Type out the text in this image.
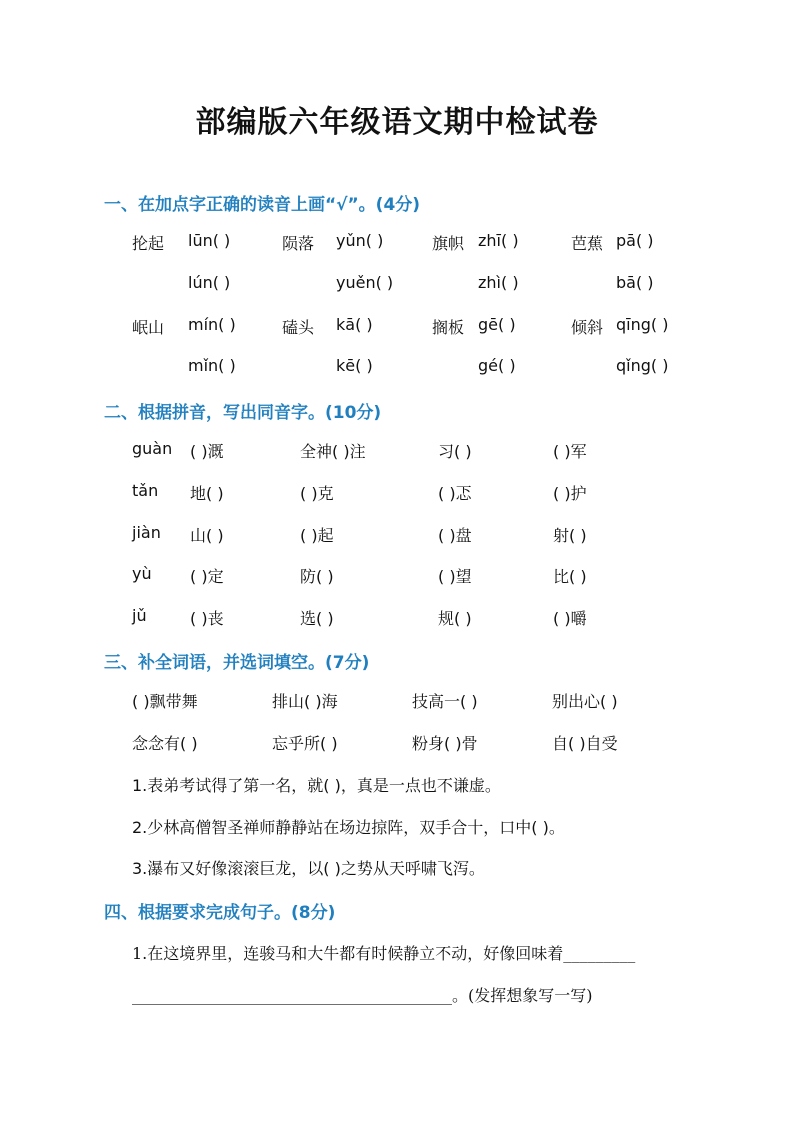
部编版六年级语文期中检试卷
一、在加点字正确的读音上画“√”。(4分)
抡起 lūn( )	陨落 yǔn( )	旗帜 zhī( )	芭蕉 pā( )
lún( )	yuěn( )	zhì( )	bā( )
岷山 mín( )	磕头 kā( )	搁板 gē( )	倾斜 qīng( )
mǐn( )	kē( )	gé( )	qǐng( )
二、根据拼音，写出同音字。(10分)
guàn ( )溉	全神( )注	习( )	( )军
tǎn 地( )	( )克	( )忑	( )护
jiàn 山( )	( )起	( )盘	射( )
yù ( )定	防( )	( )望	比( )
jǔ	( )丧	选( )	规( )	( )嚼
三、补全词语，并选词填空。(7分)
( )飘带舞	排山( )海	技高一( )	别出心( )
念念有( )	忘乎所( )	粉身( )骨	自( )自受
1.表弟考试得了第一名，就( )，真是一点也不谦虚。
2.少林高僧智圣禅师静静站在场边掠阵，双手合十，口中( )。
3.瀑布又好像滚滚巨龙，以( )之势从天呼啸飞泻。
四、根据要求完成句子。(8分)
1.在这境界里，连骏马和大牛都有时候静立不动，好像回味着_________
________________________________________。(发挥想象写一写)
